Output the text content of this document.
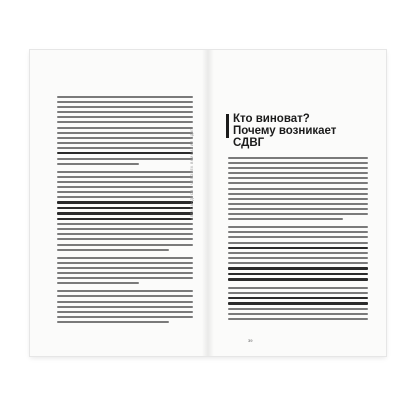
АЛЕКСАНДРОВ • ЧЕЛОВЕК ВНИМАНИЯ СДВГ
Кто виноват?
Почему возникает СДВГ
39
